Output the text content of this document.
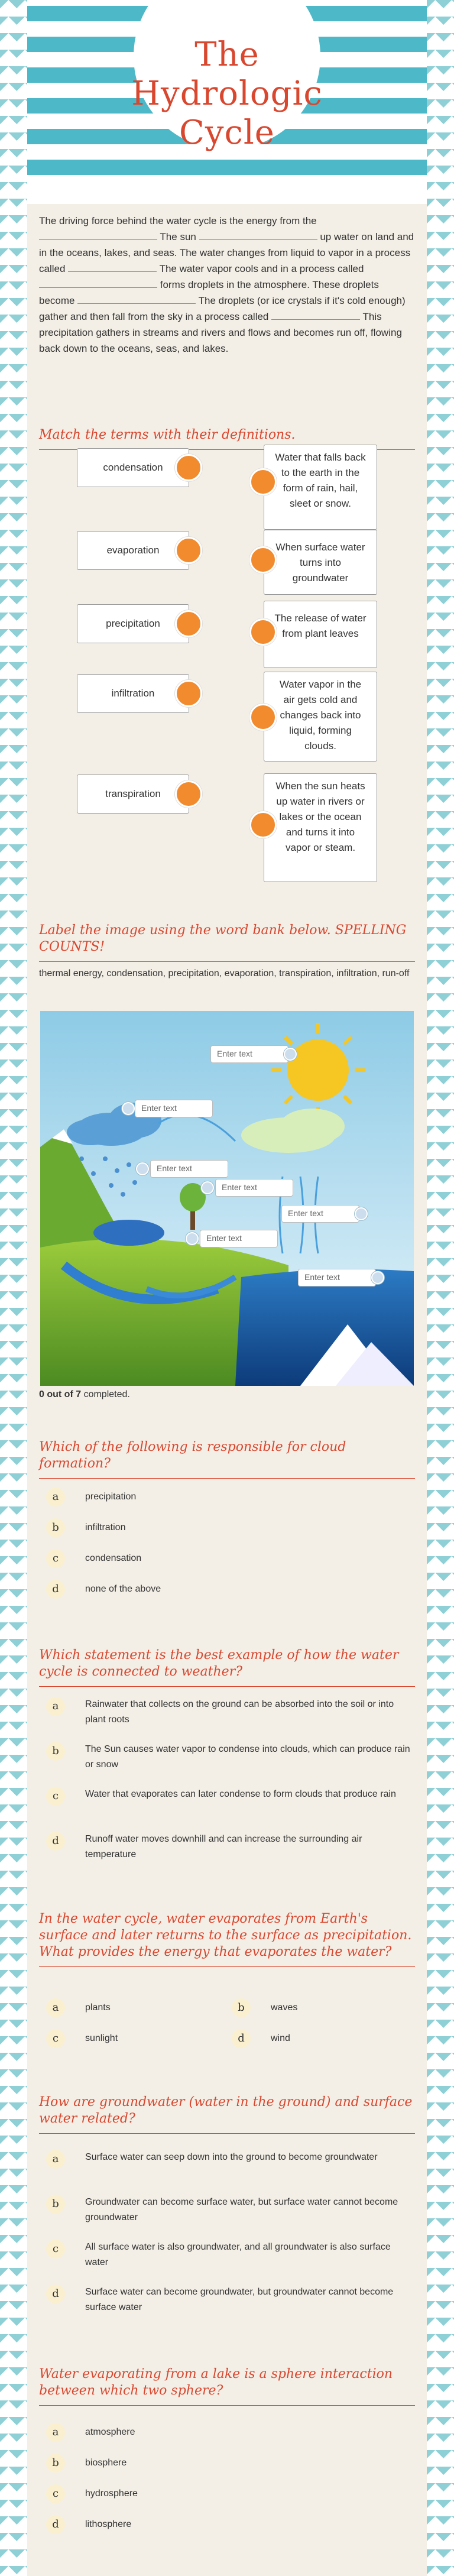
The
Hydrologic
Cycle
The driving force behind the water cycle is the energy from the  The sun	up water on land and in the oceans, lakes, and seas. The water changes from liquid to vapor in a process called	The water vapor cools and in a process called  forms droplets in the atmosphere. These droplets become	The droplets (or ice crystals if it's cold enough) gather and then fall from the sky in a process called	This precipitation gathers in streams and rivers and flows and becomes run off, flowing back down to the oceans, seas, and lakes.
Match the terms with their definitions.
condensation
evaporation
precipitation
infiltration
transpiration
Water that falls back to the earth in the form of rain, hail, sleet or snow.
When surface water turns into groundwater
The release of water from plant leaves
Water vapor in the air gets cold and changes back into liquid, forming clouds.
When the sun heats up water in rivers or lakes or the ocean and turns it into vapor or steam.
Label the image using the word bank below. SPELLING COUNTS!
thermal energy, condensation, precipitation, evaporation, transpiration, infiltration, run-off
Enter text
Enter text
Enter text
Enter text
Enter text
Enter text
Enter text
0 out of 7 completed.
Which of the following is responsible for cloud formation?
a	precipitation
b	infiltration
c	condensation
d	none of the above
Which statement is the best example of how the water cycle is connected to weather?
a	Rainwater that collects on the ground can be absorbed into the soil or into plant roots
b	The Sun causes water vapor to condense into clouds, which can produce rain or snow
c	Water that evaporates can later condense to form clouds that produce rain
d	Runoff water moves downhill and can increase the surrounding air temperature
In the water cycle, water evaporates from Earth's surface and later returns to the surface as precipitation. What provides the energy that evaporates the water?
a	plants	b	waves
c	sunlight	d	wind
How are groundwater (water in the ground) and surface water related?
a	Surface water can seep down into the ground to become groundwater
b	Groundwater can become surface water, but surface water cannot become groundwater
c	All surface water is also groundwater, and all groundwater is also surface water
d	Surface water can become groundwater, but groundwater cannot become surface water
Water evaporating from a lake is a sphere interaction between which two sphere?
a	atmosphere
b	biosphere
c	hydrosphere
d	lithosphere
